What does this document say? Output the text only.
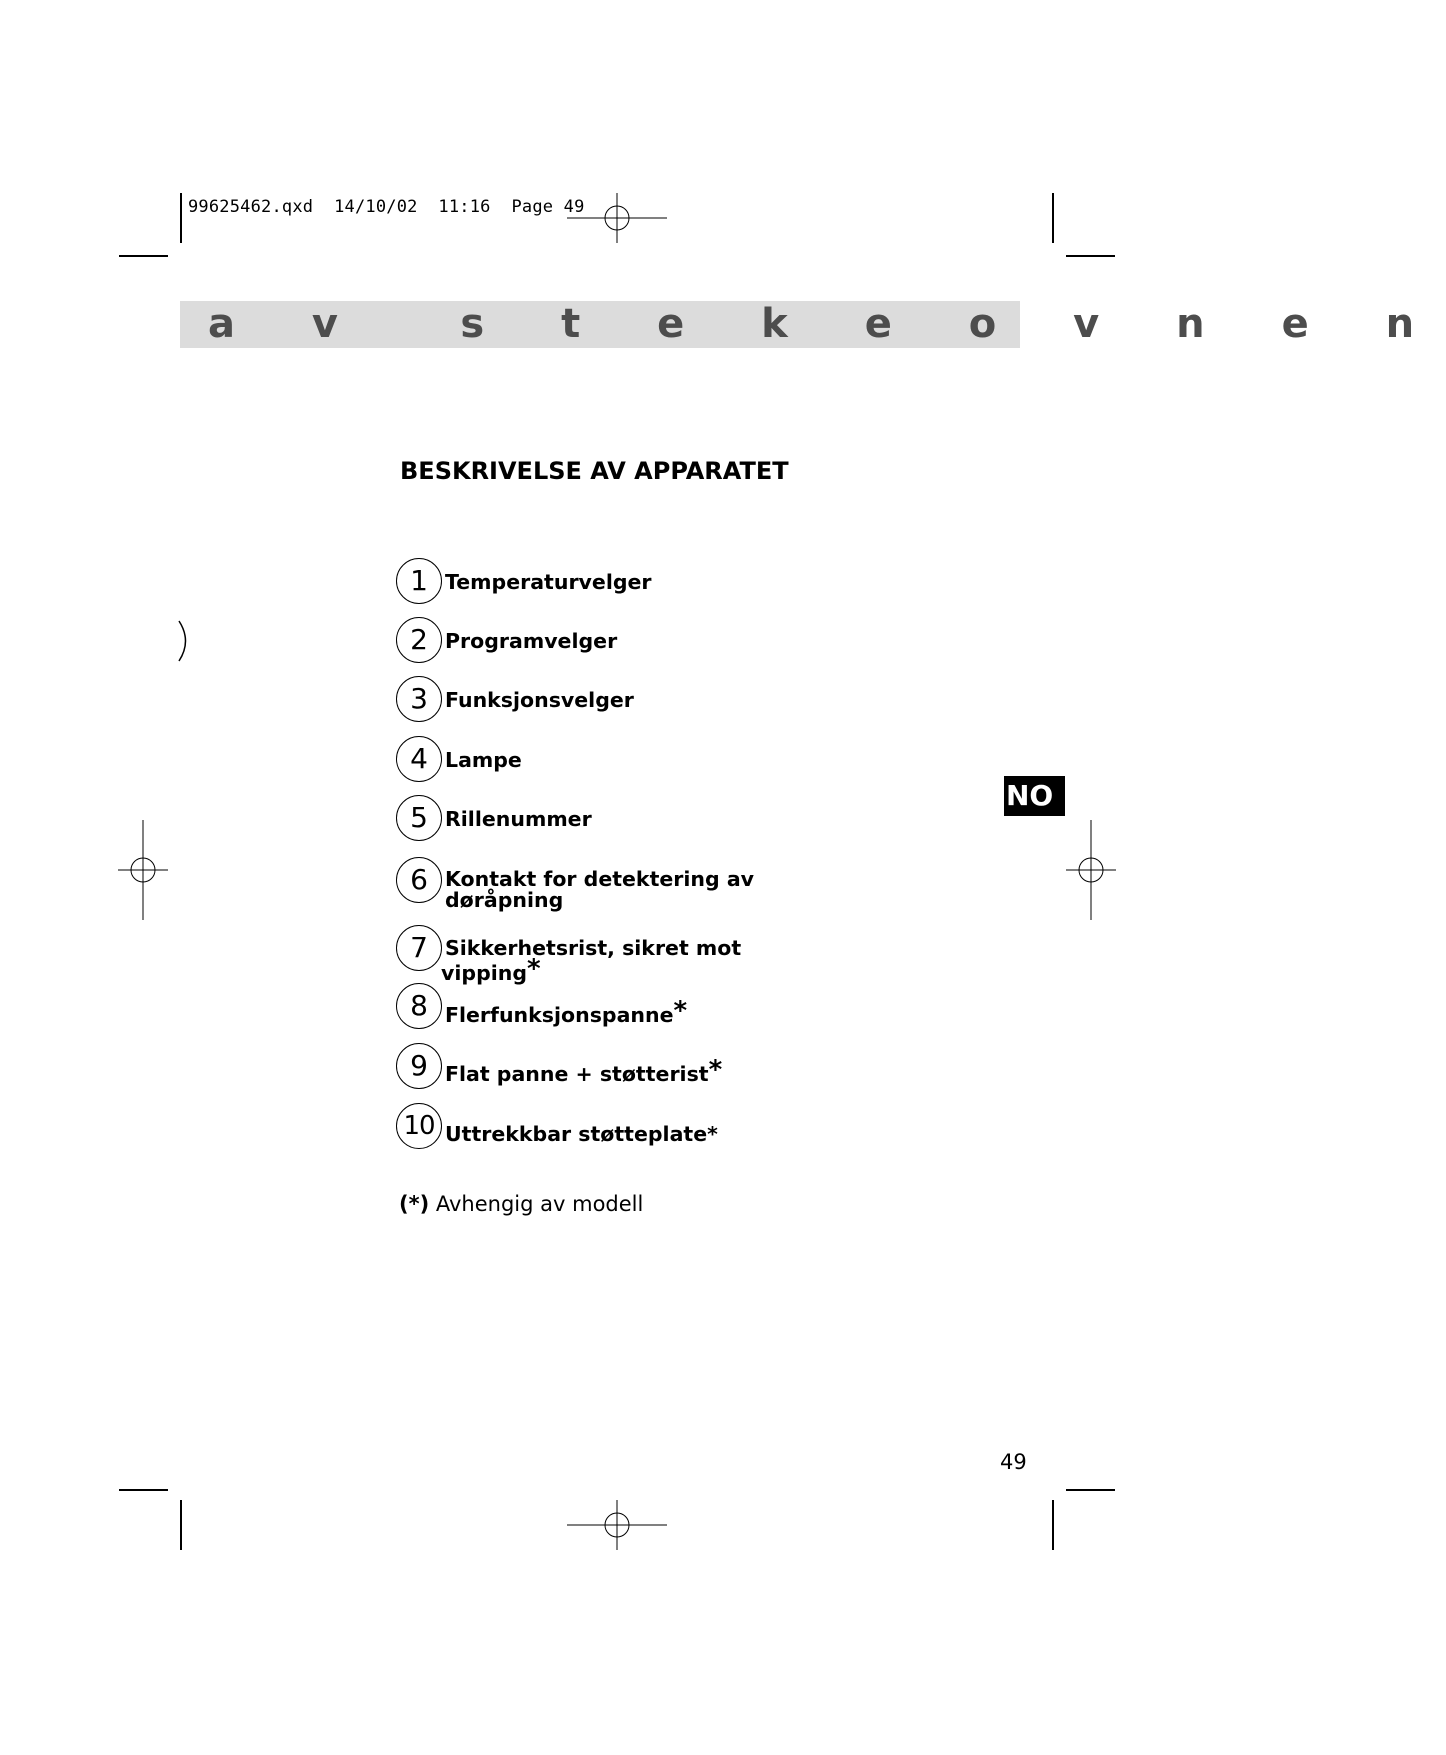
99625462.qxd  14/10/02  11:16  Page 49
a v  s t e k e o v n e n
BESKRIVELSE AV APPARATET
1 Temperaturvelger
2 Programvelger
3 Funksjonsvelger
4 Lampe
5 Rillenummer
6 Kontakt for detektering av
døråpning
7 Sikkerhetsrist, sikret mot
vipping*
8 Flerfunksjonspanne*
9 Flat panne + støtterist*
10 Uttrekkbar støtteplate*
(*) Avhengig av modell
NO
49
